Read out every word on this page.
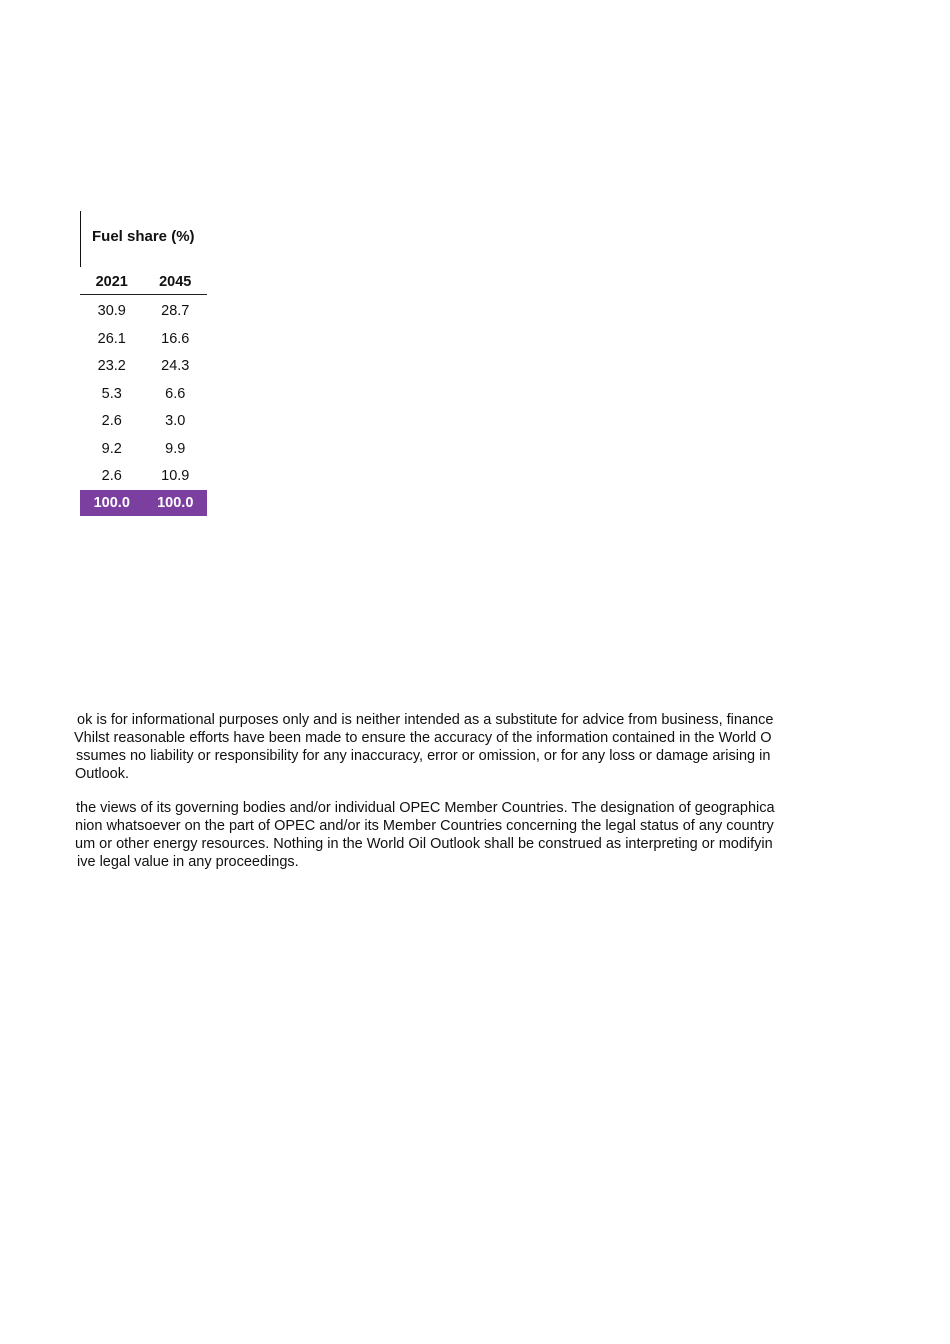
Fuel share (%)
2021	2045
30.9	28.7
26.1	16.6
23.2	24.3
5.3	6.6
2.6	3.0
9.2	9.9
2.6	10.9
100.0	100.0

ok is for informational purposes only and is neither intended as a substitute for advice from business, finance

Vhilst reasonable efforts have been made to ensure the accuracy of the information contained in the World O

ssumes no liability or responsibility for any inaccuracy, error or omission, or for any loss or damage arising in

Outlook.

the views of its governing bodies and/or individual OPEC Member Countries. The designation of geographica

nion whatsoever on the part of OPEC and/or its Member Countries concerning the legal status of any country

um or other energy resources. Nothing in the World Oil Outlook shall be construed as interpreting or modifyin

ive legal value in any proceedings.
